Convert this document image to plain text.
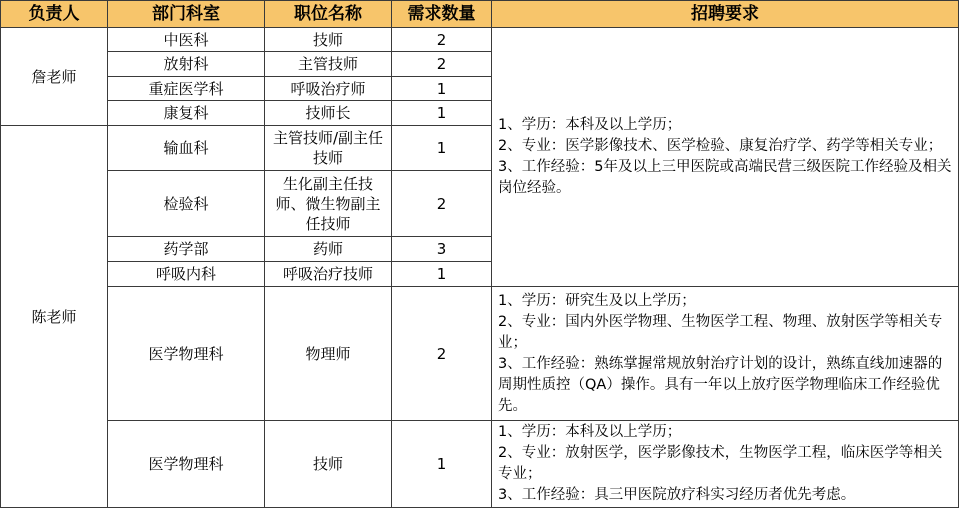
负责人	部门科室	职位名称	需求数量	招聘要求
詹老师	中医科	技师	2	1、学历：本科及以上学历；
2、专业：医学影像技术、医学检验、康复治疗学、药学等相关专业；
3、工作经验：5年及以上三甲医院或高端民营三级医院工作经验及相关岗位经验。

	放射科	主管技师	2	
	重症医学科	呼吸治疗师	1	
	康复科	技师长	1	
陈老师	输血科	主管技师/副主任技师	1	
	检验科	生化副主任技师、微生物副主任技师	2	
	药学部	药师	3	
	呼吸内科	呼吸治疗技师	1	
	医学物理科	物理师	2	1、学历：研究生及以上学历；
2、专业：国内外医学物理、生物医学工程、物理、放射医学等相关专业；
3、工作经验：熟练掌握常规放射治疗计划的设计，熟练直线加速器的周期性质控（QA）操作。具有一年以上放疗医学物理临床工作经验优先。

	医学物理科	技师	1	1、学历：本科及以上学历；
2、专业：放射医学，医学影像技术，生物医学工程，临床医学等相关专业；
3、工作经验：具三甲医院放疗科实习经历者优先考虑。
